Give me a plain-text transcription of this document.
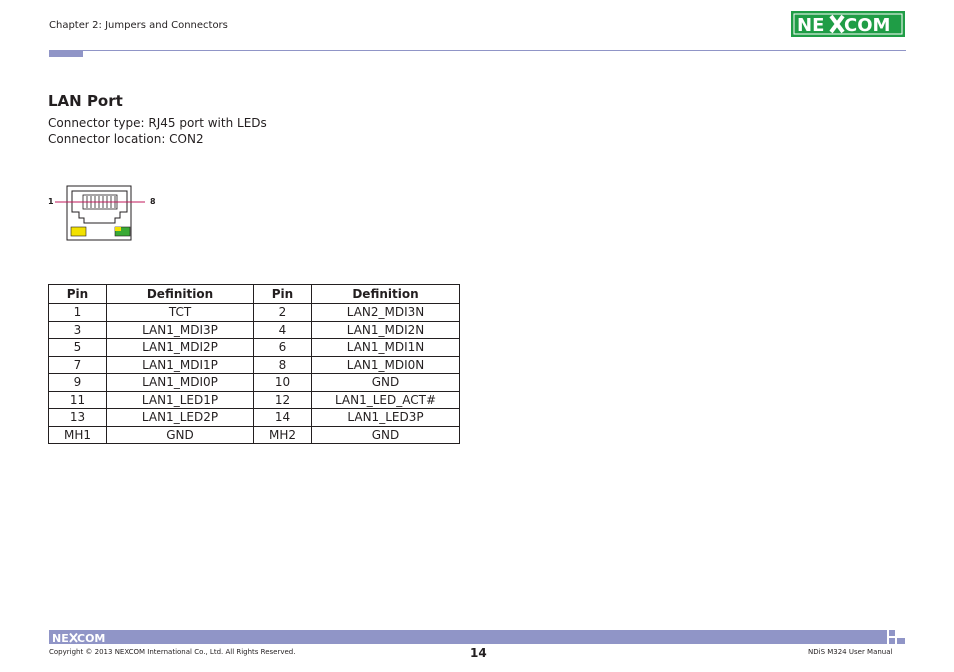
Chapter 2: Jumpers and Connectors	NE COM
LAN Port
Connector type: RJ45 port with LEDs
Connector location: CON2
1	8
Pin	Definition	Pin	Definition
1	TCT	2	LAN2_MDI3N
3	LAN1_MDI3P	4	LAN1_MDI2N
5	LAN1_MDI2P	6	LAN1_MDI1N
7	LAN1_MDI1P	8	LAN1_MDI0N
9	LAN1_MDI0P	10	GND
11	LAN1_LED1P	12	LAN1_LED_ACT#
13	LAN1_LED2P	14	LAN1_LED3P
MH1	GND	MH2	GND
NE COM
Copyright © 2013 NEXCOM International Co., Ltd. All Rights Reserved.	14	NDiS M324 User Manual
